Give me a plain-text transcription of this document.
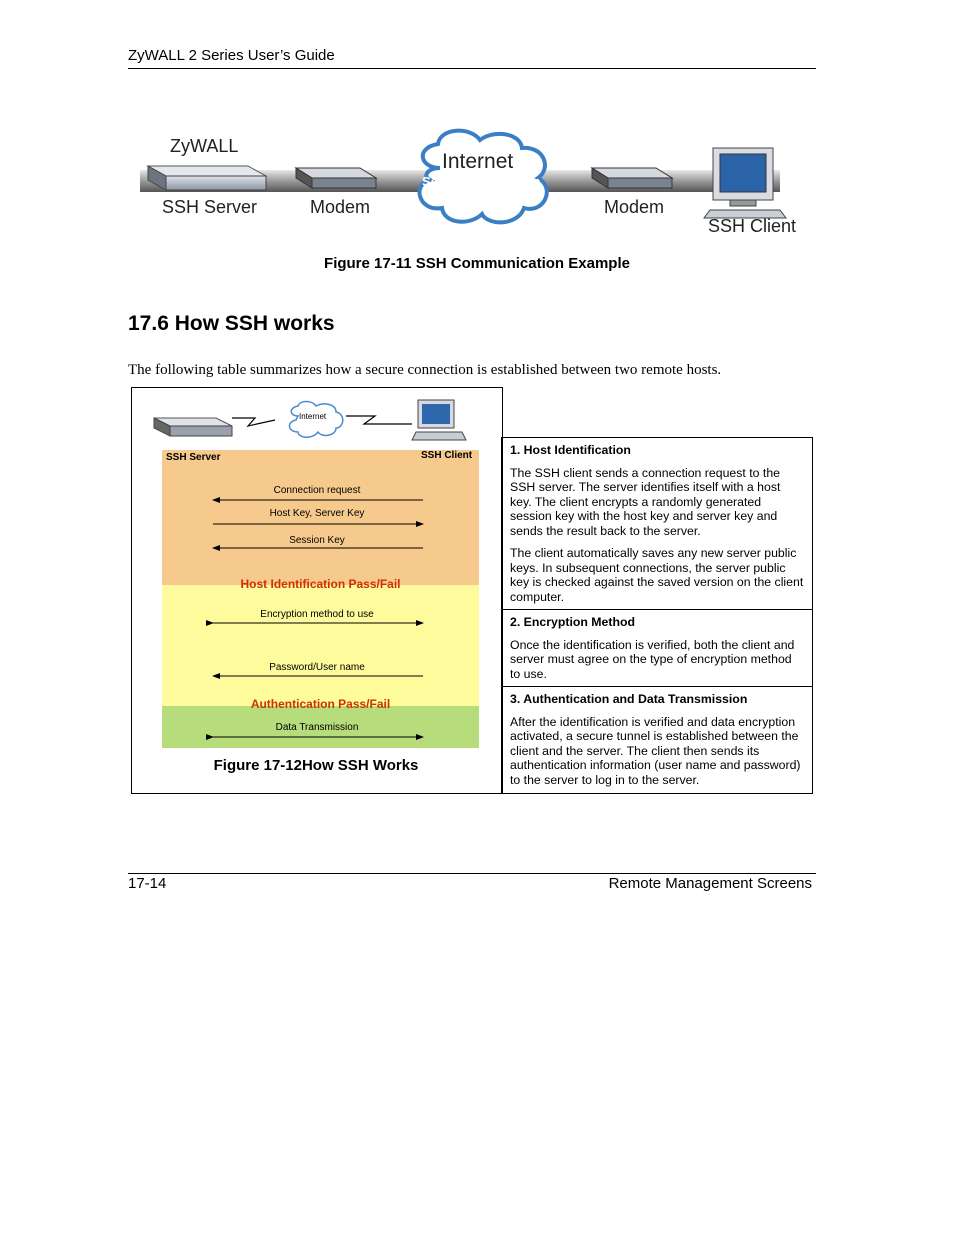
ZyWALL 2 Series User’s Guide
ZyWALL
SSH Server	Modem
Internet
Secure Connection
Modem
SSH Client
Figure 17-11 SSH Communication Example
17.6 How SSH works
The following table summarizes how a secure connection is established between two remote hosts.
Internet
SSH Server	SSH Client
Connection request
Host Key, Server Key
Session Key
Host Identification Pass/Fail
Encryption method to use
Password/User name
Authentication Pass/Fail
Data Transmission
Figure 17-12How SSH Works
1. Host Identification

The SSH client sends a connection request to the SSH server. The server identifies itself with a host key. The client encrypts a randomly generated session key with the host key and server key and sends the result back to the server.

The client automatically saves any new server public keys. In subsequent connections, the server public key is checked against the saved version on the client computer.

2. Encryption Method

Once the identification is verified, both the client and server must agree on the type of encryption method to use.

3. Authentication and Data Transmission

After the identification is verified and data encryption activated, a secure tunnel is established between the client and the server. The client then sends its authentication information (user name and password) to the server to log in to the server.

17-14	Remote Management Screens
